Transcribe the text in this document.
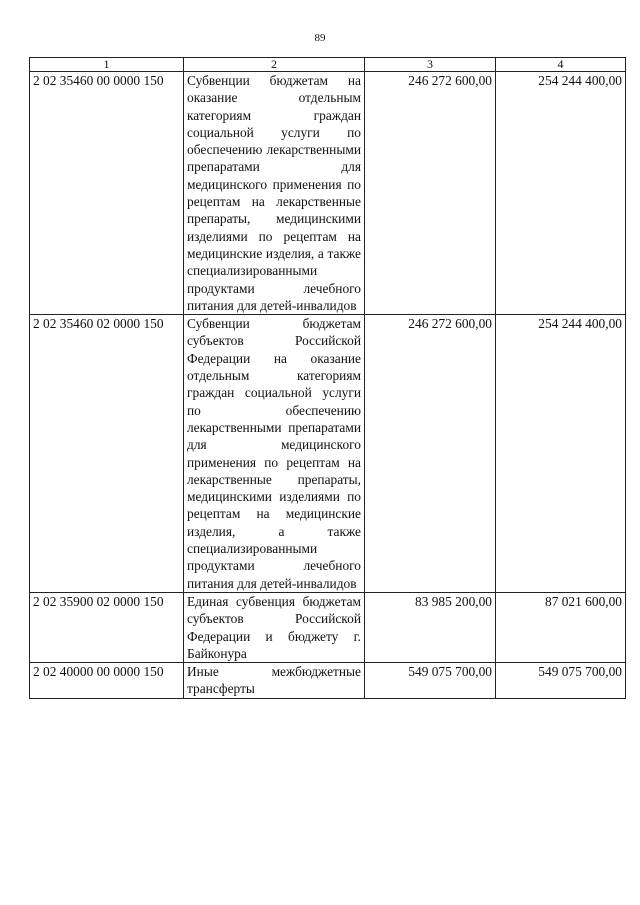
89
1	2	3	4
2 02 35460 00 0000 150	Субвенции бюджетам на оказание отдельным категориям граждан социальной услуги по обеспечению лекарственными препаратами для медицинского применения по рецептам на лекарственные препараты, медицинскими изделиями по рецептам на медицинские изделия, а также специализированными продуктами лечебного питания для детей-инвалидов	246 272 600,00	254 244 400,00
2 02 35460 02 0000 150	Субвенции бюджетам субъектов Российской Федерации на оказание отдельным категориям граждан социальной услуги по обеспечению лекарственными препаратами для медицинского применения по рецептам на лекарственные препараты, медицинскими изделиями по рецептам на медицинские изделия, а также специализированными продуктами лечебного питания для детей-инвалидов	246 272 600,00	254 244 400,00
2 02 35900 02 0000 150	Единая субвенция бюджетам субъектов Российской Федерации и бюджету г. Байконура	83 985 200,00	87 021 600,00
2 02 40000 00 0000 150	Иные межбюджетные трансферты	549 075 700,00	549 075 700,00
